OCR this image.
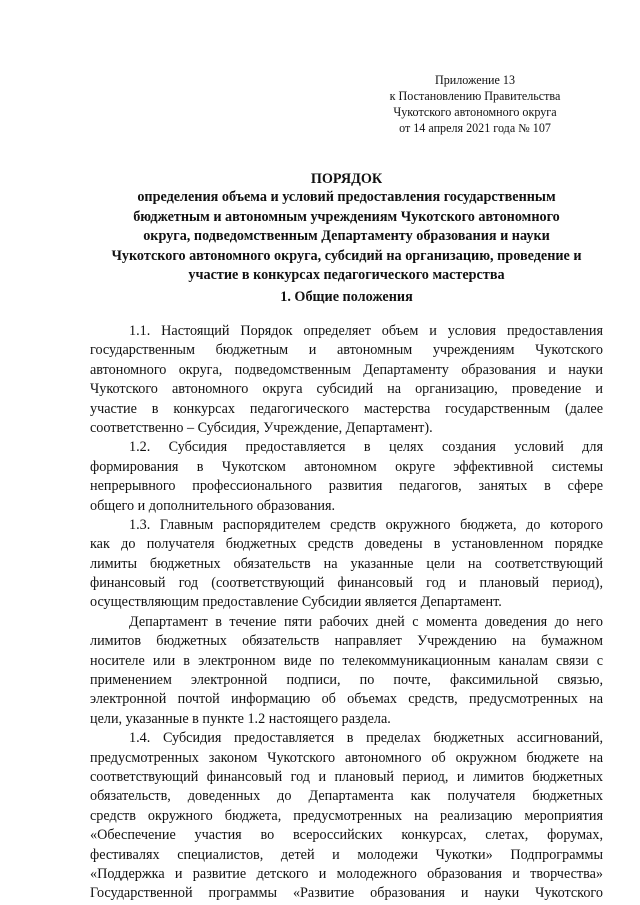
Приложение 13
к Постановлению Правительства
Чукотского автономного округа
от 14 апреля 2021 года № 107
ПОРЯДОК
определения объема и условий предоставления государственным
бюджетным и автономным учреждениям Чукотского автономного
округа, подведомственным Департаменту образования и науки
Чукотского автономного округа, субсидий на организацию, проведение и
участие в конкурсах педагогического мастерства
1. Общие положения
1.1. Настоящий Порядок определяет объем и условия предоставления
государственным бюджетным и автономным учреждениям Чукотского
автономного округа, подведомственным Департаменту образования и науки
Чукотского автономного округа субсидий на организацию, проведение и
участие в конкурсах педагогического мастерства государственным (далее
соответственно – Субсидия, Учреждение, Департамент).
1.2. Субсидия предоставляется в целях создания условий для
формирования в Чукотском автономном округе эффективной системы
непрерывного профессионального развития педагогов, занятых в сфере
общего и дополнительного образования.
1.3. Главным распорядителем средств окружного бюджета, до которого
как до получателя бюджетных средств доведены в установленном порядке
лимиты бюджетных обязательств на указанные цели на соответствующий
финансовый год (соответствующий финансовый год и плановый период),
осуществляющим предоставление Субсидии является Департамент.
Департамент в течение пяти рабочих дней с момента доведения до него
лимитов бюджетных обязательств направляет Учреждению на бумажном
носителе или в электронном виде по телекоммуникационным каналам связи с
применением электронной подписи, по почте, факсимильной связью,
электронной почтой информацию об объемах средств, предусмотренных на
цели, указанные в пункте 1.2 настоящего раздела.
1.4. Субсидия предоставляется в пределах бюджетных ассигнований,
предусмотренных законом Чукотского автономного об окружном бюджете на
соответствующий финансовый год и плановый период, и лимитов бюджетных
обязательств, доведенных до Департамента как получателя бюджетных
средств окружного бюджета, предусмотренных на реализацию мероприятия
«Обеспечение участия во всероссийских конкурсах, слетах, форумах,
фестивалях специалистов, детей и молодежи Чукотки» Подпрограммы
«Поддержка и развитие детского и молодежного образования и творчества»
Государственной программы «Развитие образования и науки Чукотского
